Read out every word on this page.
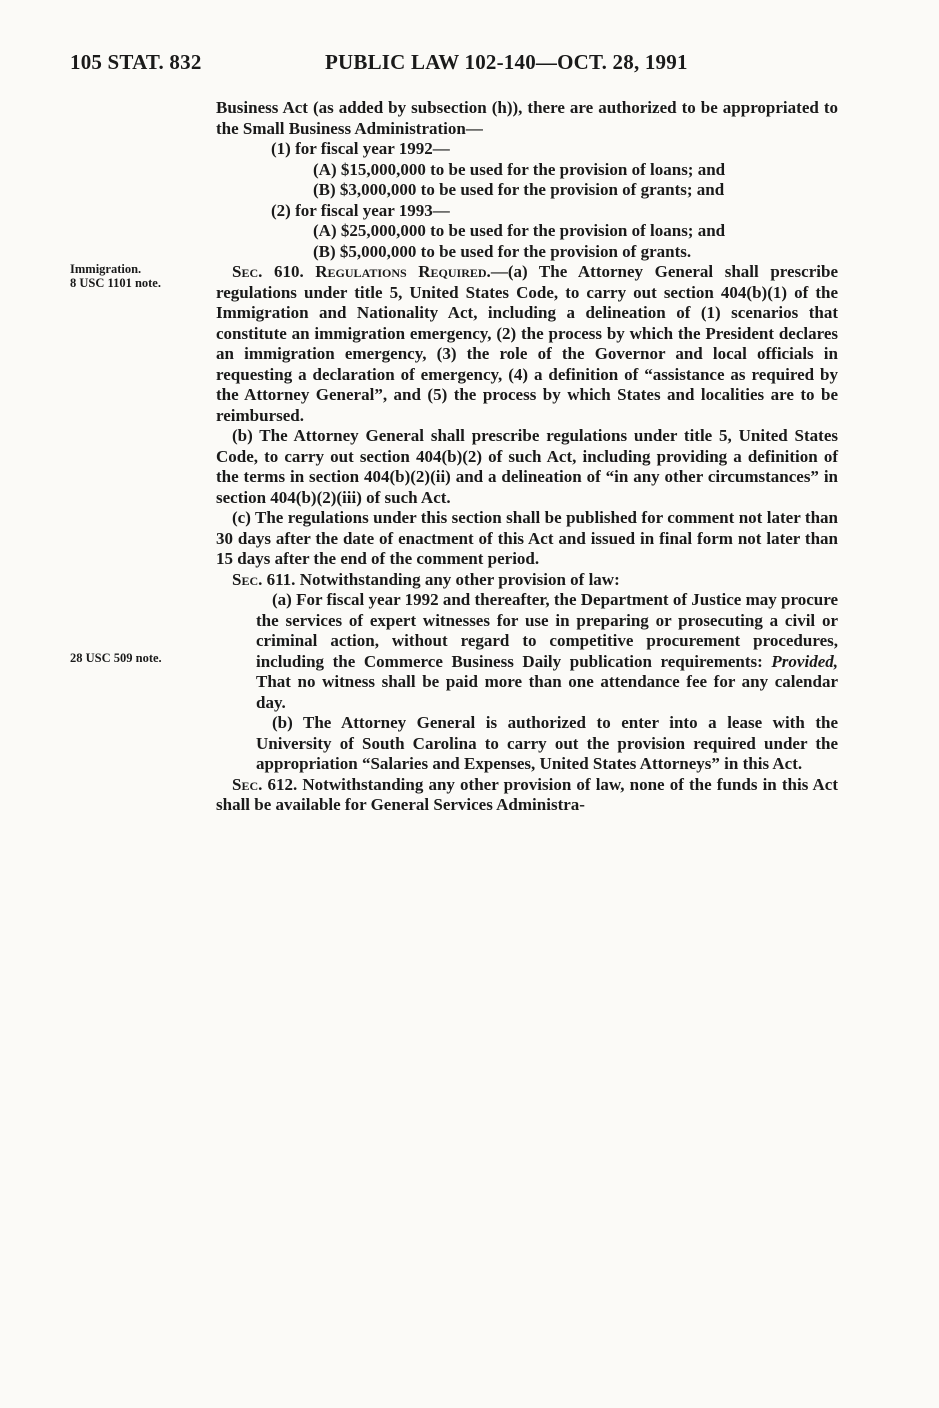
105 STAT. 832	PUBLIC LAW 102-140—OCT. 28, 1991
Immigration.
8 USC 1101 note.
28 USC 509 note.

Business Act (as added by subsection (h)), there are authorized to be appropriated to the Small Business Administration—

(1) for fiscal year 1992—

(A) $15,000,000 to be used for the provision of loans; and

(B) $3,000,000 to be used for the provision of grants; and

(2) for fiscal year 1993—

(A) $25,000,000 to be used for the provision of loans; and

(B) $5,000,000 to be used for the provision of grants.

Sec. 610. Regulations Required.—(a) The Attorney General shall prescribe regulations under title 5, United States Code, to carry out section 404(b)(1) of the Immigration and Nationality Act, including a delineation of (1) scenarios that constitute an immigration emergency, (2) the process by which the President declares an immigration emergency, (3) the role of the Governor and local officials in requesting a declaration of emergency, (4) a definition of “assistance as required by the Attorney General”, and (5) the process by which States and localities are to be reimbursed.

(b) The Attorney General shall prescribe regulations under title 5, United States Code, to carry out section 404(b)(2) of such Act, including providing a definition of the terms in section 404(b)(2)(ii) and a delineation of “in any other circumstances” in section 404(b)(2)(iii) of such Act.

(c) The regulations under this section shall be published for comment not later than 30 days after the date of enactment of this Act and issued in final form not later than 15 days after the end of the comment period.

Sec. 611. Notwithstanding any other provision of law:

(a) For fiscal year 1992 and thereafter, the Department of Justice may procure the services of expert witnesses for use in preparing or prosecuting a civil or criminal action, without regard to competitive procurement procedures, including the Commerce Business Daily publication requirements: Provided, That no witness shall be paid more than one attendance fee for any calendar day.

(b) The Attorney General is authorized to enter into a lease with the University of South Carolina to carry out the provision required under the appropriation “Salaries and Expenses, United States Attorneys” in this Act.

Sec. 612. Notwithstanding any other provision of law, none of the funds in this Act shall be available for General Services Administra-
